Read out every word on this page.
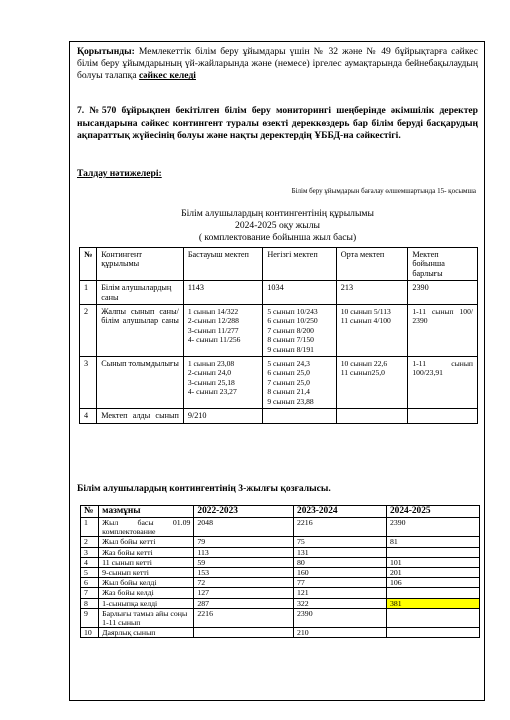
Қорытынды: Мемлекеттік білім беру ұйымдары үшін № 32 және № 49 бұйрықтарға сәйкес білім беру ұйымдарының үй-жайларында және (немесе) іргелес аумақтарында бейнебақылаудың болуы талапқа сәйкес келеді
7. №570 бұйрықпен бекітілген білім беру мониторингі шеңберінде әкімшілік деректер нысандарына сәйкес контингент туралы өзекті дереккөздерь бар білім беруді басқарудың ақпараттық жүйесінің болуы және нақты деректердің ҰББД-на сәйкестігі.
Талдау нәтижелері:
Білім беру ұйымдарын бағалау өлшемшартында 15- қосымша
Білім алушылардың контингентінің құрылымы
2024-2025 оқу жылы
( комплектование бойынша жыл басы)
№	Контингент құрылымы	Бастауыш мектеп	Негізгі мектеп	Орта мектеп	Мектеп бойынша барлығы
1	Білім алушылардың саны	1143	1034	213	2390
2	Жалпы сынып саны/ білім алушылар саны	1 сынып 14/322
2-сынып 12/288
3-сынып 11/277
4- сынып 11/256	5 сынып 10/243
6 сынып 10/250
7 сынып 8/200
8 сынып 7/150
9 сынып 8/191	10 сынып 5/113
11 сынып 4/100	1-11 сынып 100/ 2390
3	Сынып толымдылығы	1 сынып 23,08
2-сынып 24,0
3-сынып 25,18
4- сынып 23,27	5 сынып 24,3
6 сынып 25,0
7 сынып 25,0
8 сынып 21,4
9 сынып 23,88	10 сынып 22,6
11 сынып25,0	1-11 сынып 100/23,91
4	Мектеп алды сынып	9/210			
Білім алушылардың контингентінің 3-жылғы қозғалысы.
№	мазмұны	2022-2023	2023-2024	2024-2025
1	Жыл басы 01.09 комплектование	2048	2216	2390
2	Жыл бойы кетті	79	75	81
3	Жаз бойы кетті	113	131	
4	11 сынып кетті	59	80	101
5	9-сынып кетті	153	160	201
6	Жыл бойы келді	72	77	106
7	Жаз бойы келді	127	121	
8	1-сыныпқа келді	287	322	381
9	Барлығы тамыз айы соңы 1-11 сынып	2216	2390	
10	Даярлық сынып		210	
